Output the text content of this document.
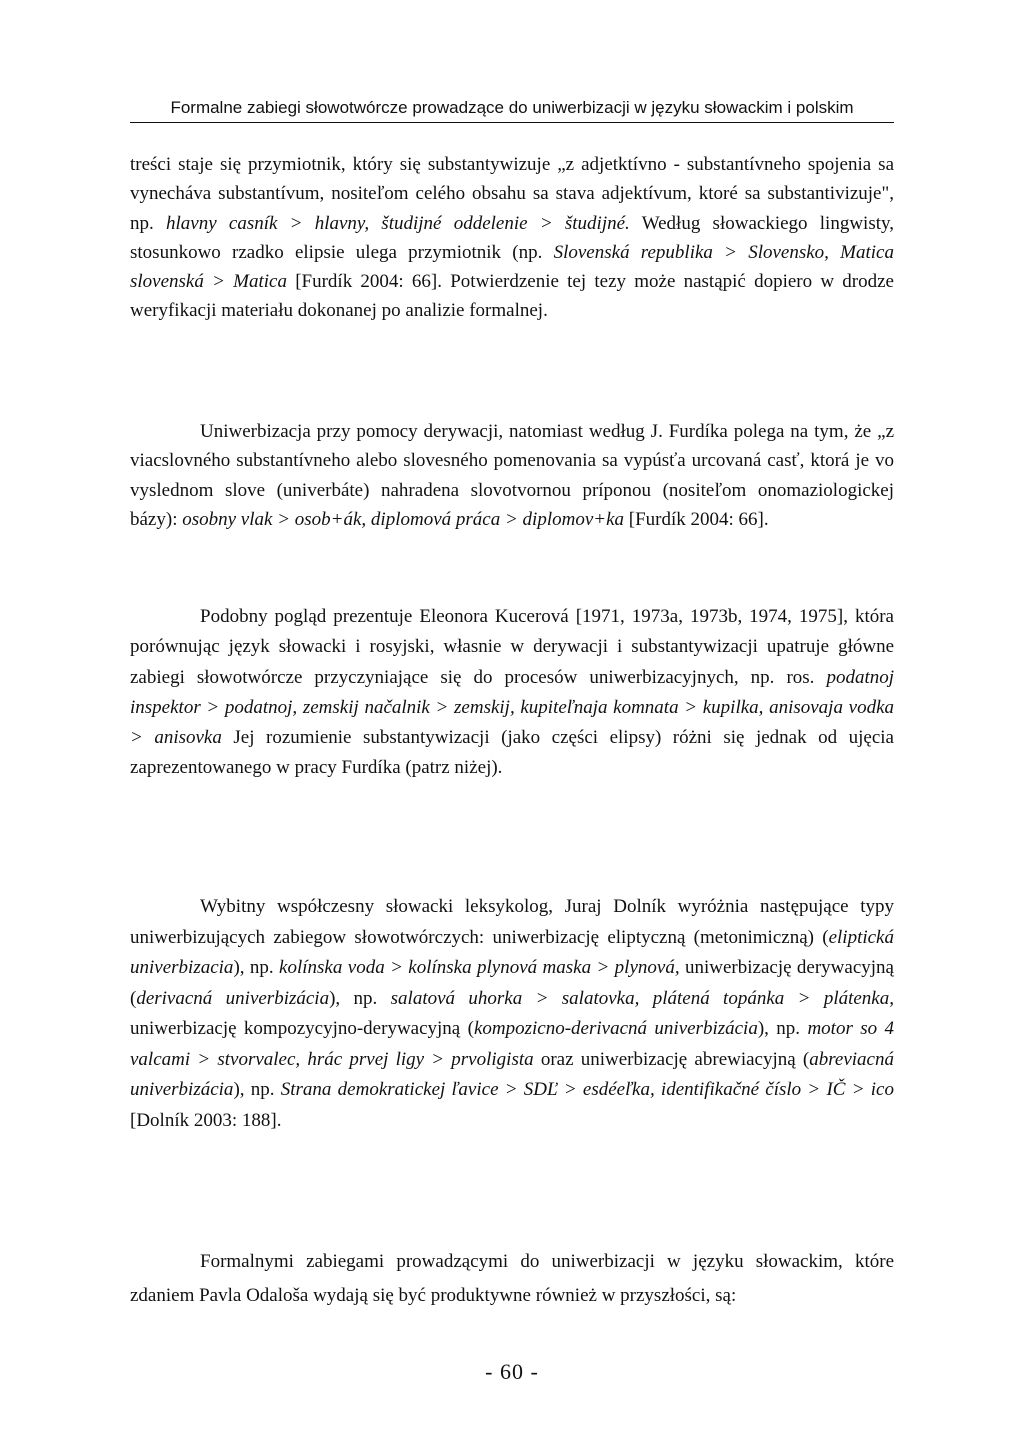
Formalne zabiegi słowotwórcze prowadzące do uniwerbizacji w języku słowackim i polskim
treści staje się przymiotnik, który się substantywizuje „z adjetktívno - substantívneho spojenia sa vynecháva substantívum, nositeľom celého obsahu sa stava adjektívum, ktoré sa substantivizuje", np. hlavny casník > hlavny, študijné oddelenie > študijné. Według słowackiego lingwisty, stosunkowo rzadko elipsie ulega przymiotnik (np. Slovenská republika > Slovensko, Matica slovenská > Matica [Furdík 2004: 66]. Potwierdzenie tej tezy może nastąpić dopiero w drodze weryfikacji materiału dokonanej po analizie formalnej.
Uniwerbizacja przy pomocy derywacji, natomiast według J. Furdíka polega na tym, że „z viacslovného substantívneho alebo slovesného pomenovania sa vypúsťa urcovaná casť, ktorá je vo vyslednom slove (univerbáte) nahradena slovotvornou príponou (nositeľom onomaziologickej bázy): osobny vlak > osob+ák, diplomová práca > diplomov+ka [Furdík 2004: 66].
Podobny pogląd prezentuje Eleonora Kucerová [1971, 1973a, 1973b, 1974, 1975], która porównując język słowacki i rosyjski, własnie w derywacji i substantywizacji upatruje główne zabiegi słowotwórcze przyczyniające się do procesów uniwerbizacyjnych, np. ros. podatnoj inspektor > podatnoj, zemskij načalnik > zemskij, kupiteľnaja komnata > kupilka, anisovaja vodka > anisovka Jej rozumienie substantywizacji (jako części elipsy) różni się jednak od ujęcia zaprezentowanego w pracy Furdíka (patrz niżej).
Wybitny współczesny słowacki leksykolog, Juraj Dolník wyróżnia następujące typy uniwerbizujących zabiegow słowotwórczych: uniwerbizację eliptyczną (metonimiczną) (eliptická univerbizacia), np. kolínska voda > kolínska plynová maska > plynová, uniwerbizację derywacyjną (derivacná univerbizácia), np. salatová uhorka > salatovka, plátená topánka > plátenka, uniwerbizację kompozycyjno-derywacyjną (kompozicno-derivacná univerbizácia), np. motor so 4 valcami > stvorvalec, hrác prvej ligy > prvoligista oraz uniwerbizację abrewiacyjną (abreviacná univerbizácia), np. Strana demokratickej ľavice > SDĽ > esdéeľka, identifikačné číslo > IČ > ico [Dolník 2003: 188].
Formalnymi zabiegami prowadzącymi do uniwerbizacji w języku słowackim, które zdaniem Pavla Odaloša wydają się być produktywne również w przyszłości, są:
- 60 -
